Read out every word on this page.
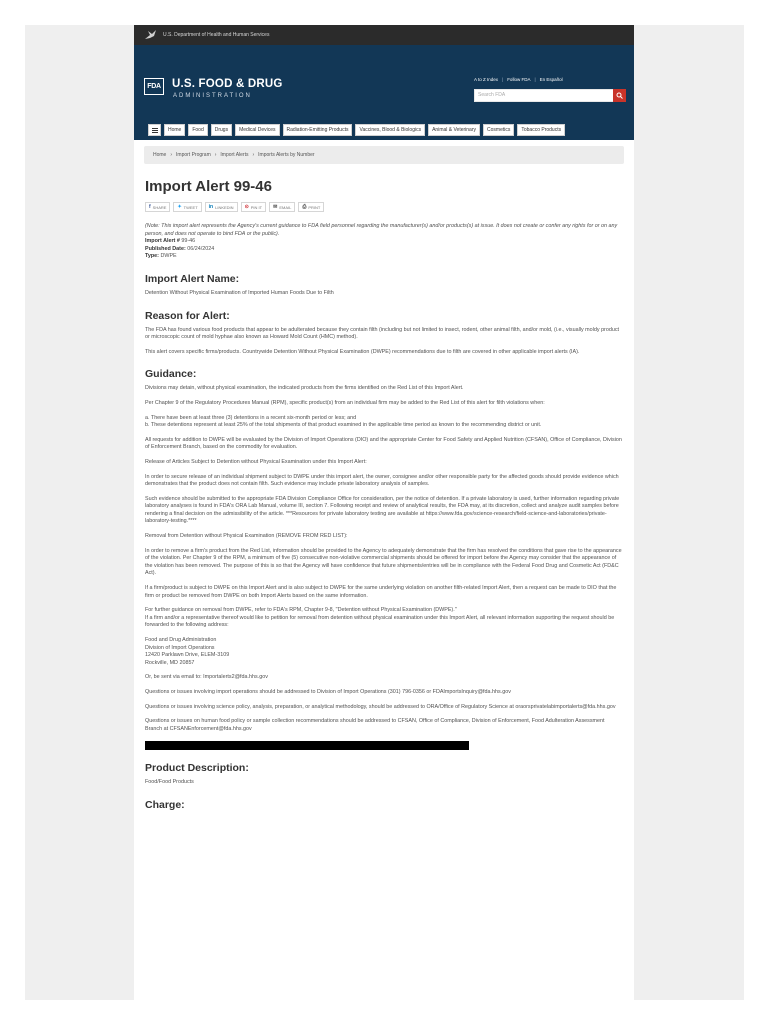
U.S. Department of Health and Human Services
FDA U.S. FOOD & DRUG
ADMINISTRATION
A to Z Index | Follow FDA | En Español
Search FDA
Home	Food	Drugs	Medical Devices	Radiation-Emitting Products	Vaccines, Blood & Biologics	Animal & Veterinary	Cosmetics	Tobacco Products
Home › Import Program › Import Alerts › Imports Alerts by Number
Import Alert 99-46
f SHARE ✦ TWEET in LINKEDIN ⊙ PIN IT ✉ EMAIL ⎙ PRINT

(Note: This import alert represents the Agency's current guidance to FDA field personnel regarding the manufacturer(s) and/or products(s) at issue. It does not create or confer any rights for or on any person, and does not operate to bind FDA or the public).

Import Alert # 99-46

Published Date: 06/24/2024

Type: DWPE

Import Alert Name:

Detention Without Physical Examination of Imported Human Foods Due to Filth

Reason for Alert:

The FDA has found various food products that appear to be adulterated because they contain filth (including but not limited to insect, rodent, other animal filth, and/or mold, (i.e., visually moldy product or microscopic count of mold hyphae also known as Howard Mold Count (HMC) method).

This alert covers specific firms/products. Countrywide Detention Without Physical Examination (DWPE) recommendations due to filth are covered in other applicable import alerts (IA).

Guidance:

Divisions may detain, without physical examination, the indicated products from the firms identified on the Red List of this Import Alert.

Per Chapter 9 of the Regulatory Procedures Manual (RPM), specific product(s) from an individual firm may be added to the Red List of this alert for filth violations when:

a. There have been at least three (3) detentions in a recent six-month period or less; and

b. These detentions represent at least 25% of the total shipments of that product examined in the applicable time period as known to the recommending district or unit.

All requests for addition to DWPE will be evaluated by the Division of Import Operations (DIO) and the appropriate Center for Food Safety and Applied Nutrition (CFSAN), Office of Compliance, Division of Enforcement Branch, based on the commodity for evaluation.

Release of Articles Subject to Detention without Physical Examination under this Import Alert:

In order to secure release of an individual shipment subject to DWPE under this import alert, the owner, consignee and/or other responsible party for the affected goods should provide evidence which demonstrates that the product does not contain filth. Such evidence may include private laboratory analysis of samples.

Such evidence should be submitted to the appropriate FDA Division Compliance Office for consideration, per the notice of detention. If a private laboratory is used, further information regarding private laboratory analyses is found in FDA's ORA Lab Manual, volume III, section 7. Following receipt and review of analytical results, the FDA may, at its discretion, collect and analyze audit samples before rendering a final decision on the admissibility of the article. ***Resources for private laboratory testing are available at https://www.fda.gov/science-research/field-science-and-laboratories/private-laboratory-testing.****

Removal from Detention without Physical Examination (REMOVE FROM RED LIST):

In order to remove a firm's product from the Red List, information should be provided to the Agency to adequately demonstrate that the firm has resolved the conditions that gave rise to the appearance of the violation. Per Chapter 9 of the RPM, a minimum of five (5) consecutive non-violative commercial shipments should be offered for import before the Agency may consider that the appearance of the violation has been removed. The purpose of this is so that the Agency will have confidence that future shipments/entries will be in compliance with the Federal Food Drug and Cosmetic Act (FD&C Act).

If a firm/product is subject to DWPE on this Import Alert and is also subject to DWPE for the same underlying violation on another filth-related Import Alert, then a request can be made to DIO that the firm or product be removed from DWPE on both Import Alerts based on the same information.

For further guidance on removal from DWPE, refer to FDA's RPM, Chapter 9-8, "Detention without Physical Examination (DWPE)."

If a firm and/or a representative thereof would like to petition for removal from detention without physical examination under this Import Alert, all relevant information supporting the request should be forwarded to the following address:

Food and Drug Administration

Division of Import Operations

12420 Parklawn Drive, ELEM-3109

Rockville, MD 20857

Or, be sent via email to: Importalerts2@fda.hhs.gov

Questions or issues involving import operations should be addressed to Division of Import Operations (301) 796-0356 or FDAImportsInquiry@fda.hhs.gov

Questions or issues involving science policy, analysis, preparation, or analytical methodology, should be addressed to ORA/Office of Regulatory Science at oraorsprivatelabimportalerts@fda.hhs.gov

Questions or issues on human food policy or sample collection recommendations should be addressed to CFSAN, Office of Compliance, Division of Enforcement, Food Adulteration Assessment Branch at CFSANEnforcement@fda.hhs.gov

Product Description:

Food/Food Products

Charge:
